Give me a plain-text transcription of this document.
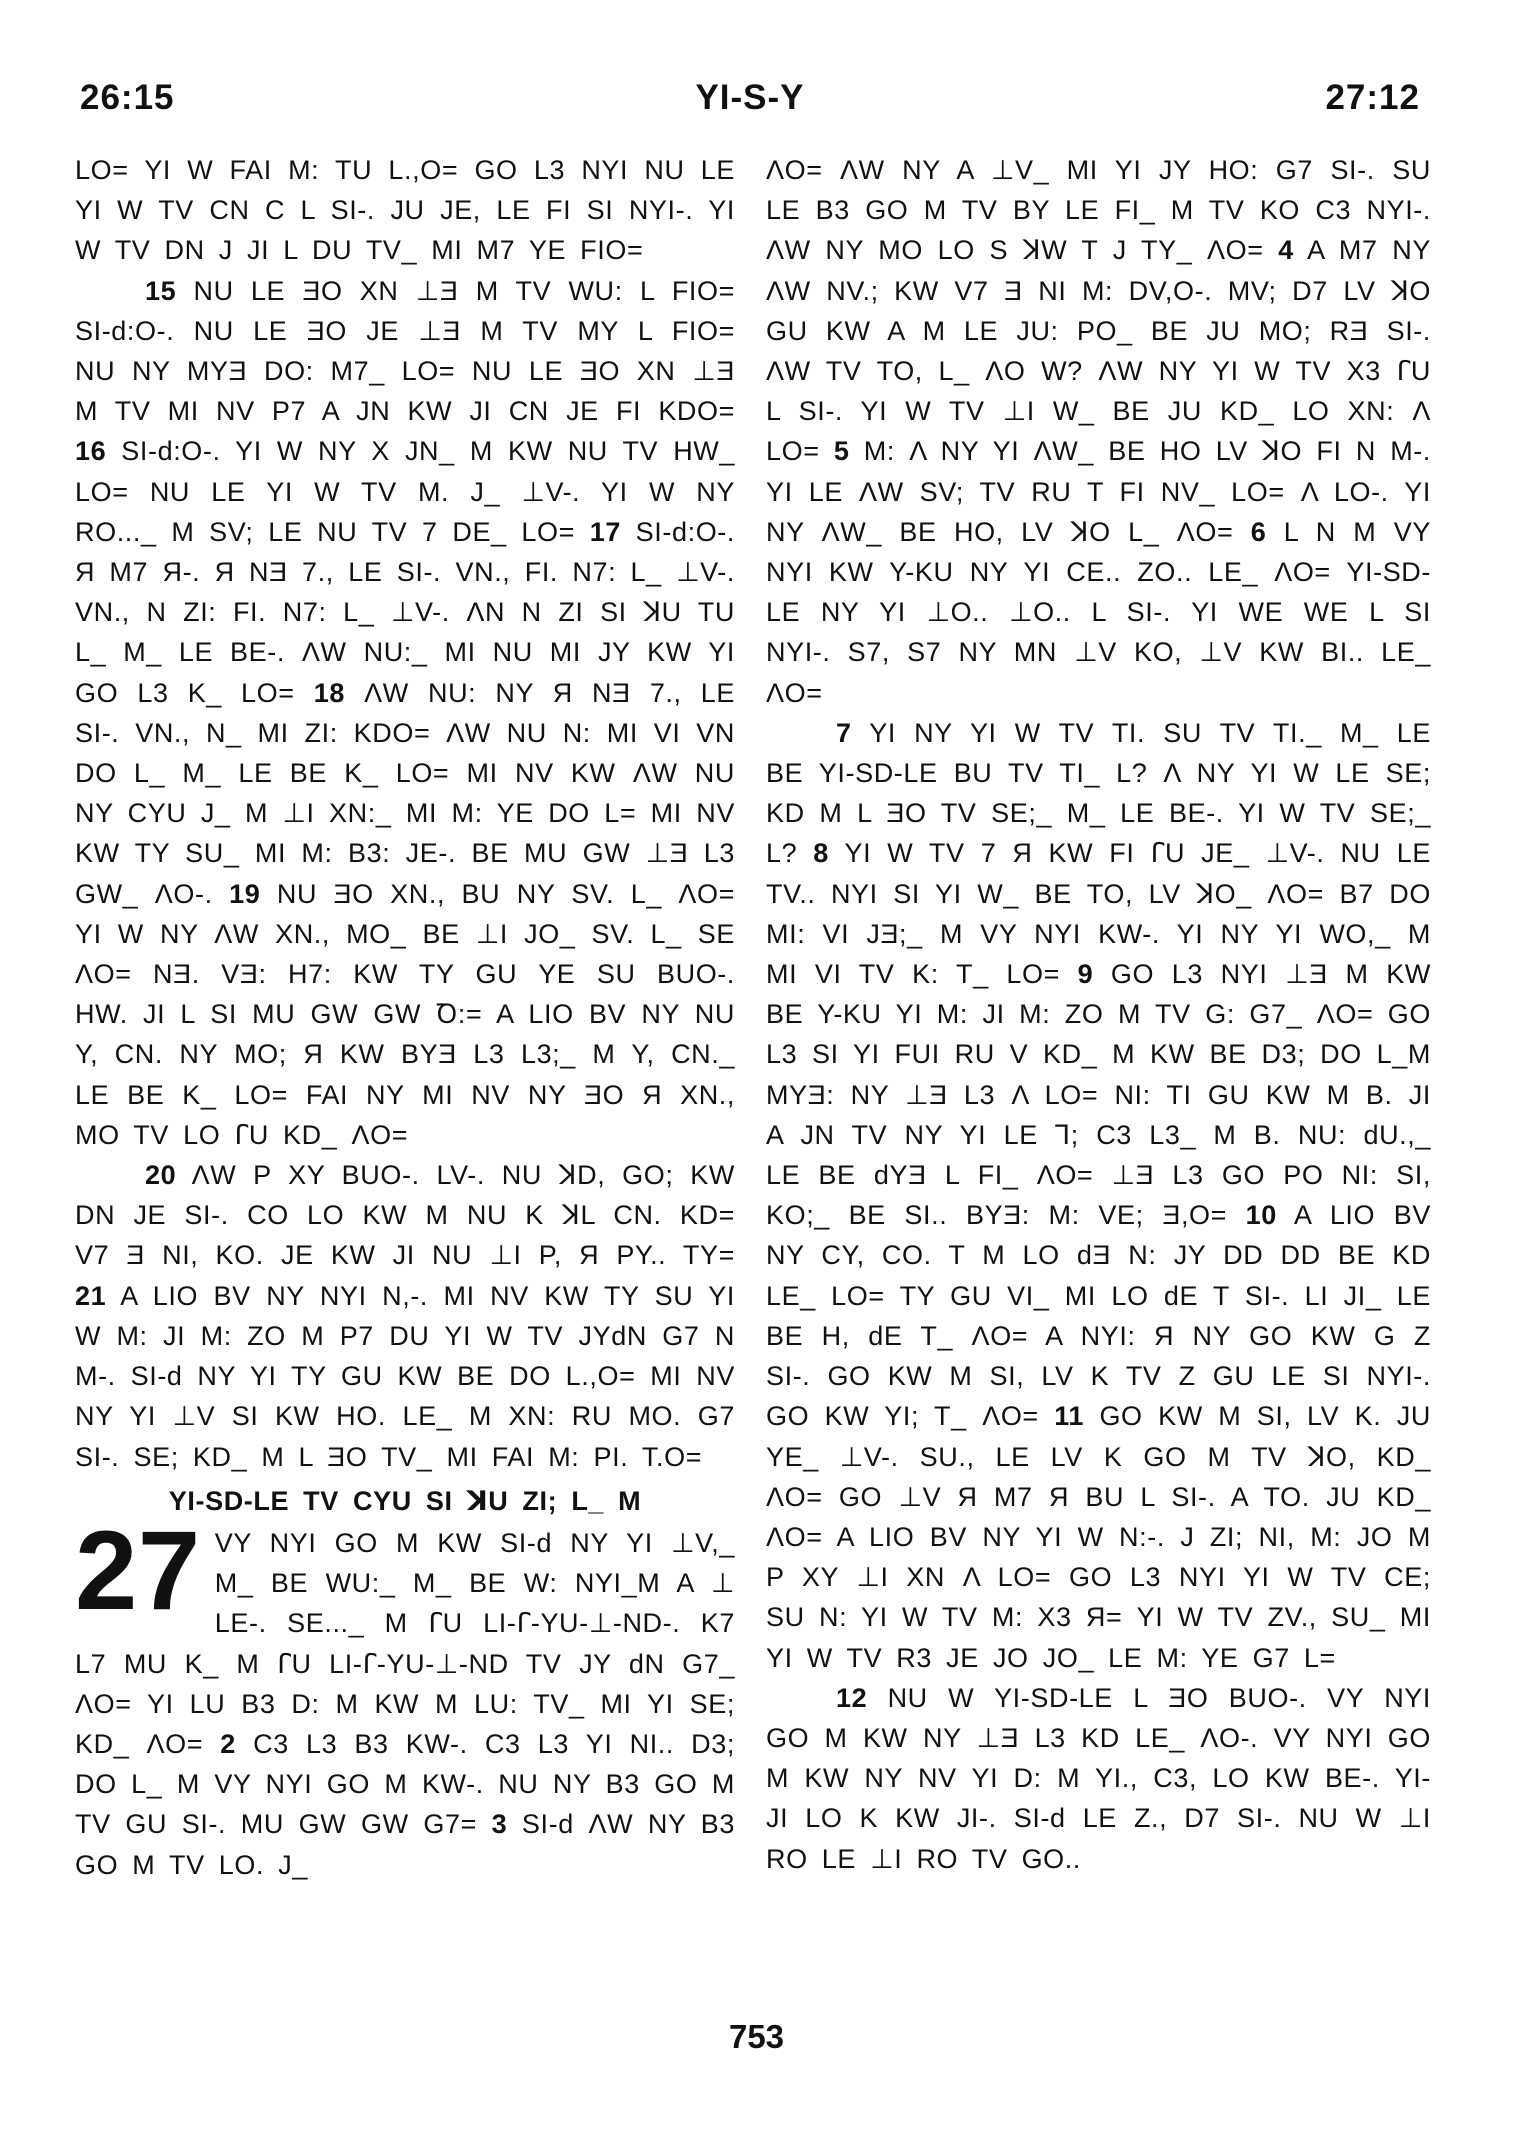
26:15	YI-S-Y	27:12

LO= YI W FAI M: TU L.,O= GO L3 NYI NU LE YI W TV CN C L SI-. JU JE, LE FI SI NYI-. YI W TV DN J JI L DU TV_ MI M7 YE FIO=

15 NU LE ƎO XN ⊥Ǝ M TV WU: L FIO= SI-d:O-. NU LE ƎO JE ⊥Ǝ M TV MY L FIO= NU NY MYƎ DO: M7_ LO= NU LE ƎO XN ⊥Ǝ M TV MI NV P7 A JN KW JI CN JE FI KDO= 16 SI-d:O-. YI W NY X JN_ M KW NU TV HW_ LO= NU LE YI W TV M. J_ ⊥V-. YI W NY RO..._ M SV; LE NU TV 7 DE_ LO= 17 SI-d:O-. Я M7 Я-. Я NƎ 7., LE SI-. VN., FI. N7: L_ ⊥V-. VN., N ZI: FI. N7: L_ ⊥V-. ΛN N ZI SI ꓘU TU L_ M_ LE BE-. ΛW NU:_ MI NU MI JY KW YI GO L3 K_ LO= 18 ΛW NU: NY Я NƎ 7., LE SI-. VN., N_ MI ZI: KDO= ΛW NU N: MI VI VN DO L_ M_ LE BE K_ LO= MI NV KW ΛW NU NY CYU J_ M ⊥I XN:_ MI M: YE DO L= MI NV KW TY SU_ MI M: B3: JE-. BE MU GW ⊥Ǝ L3 GW_ ΛO-. 19 NU ƎO XN., BU NY SV. L_ ΛO= YI W NY ΛW XN., MO_ BE ⊥I JO_ SV. L_ SE ΛO= NƎ. VƎ: H7: KW TY GU YE SU BUO-. HW. JI L SI MU GW GW Ꝺ:= A LIO BV NY NU Y, CN. NY MO; Я KW BYƎ L3 L3;_ M Y, CN._ LE BE K_ LO= FAI NY MI NV NY ƎO Я XN., MO TV LO ꓩU KD_ ΛO=

20 ΛW P XY BUO-. LV-. NU ꓘD, GO; KW DN JE SI-. CO LO KW M NU K ꓘL CN. KD= V7 Ǝ NI, KO. JE KW JI NU ⊥I P, Я PY.. TY= 21 A LIO BV NY NYI N,-. MI NV KW TY SU YI W M: JI M: ZO M P7 DU YI W TV JYdN G7 N M-. SI-d NY YI TY GU KW BE DO L.,O= MI NV NY YI ⊥V SI KW HO. LE_ M XN: RU MO. G7 SI-. SE; KD_ M L ƎO TV_ MI FAI M: PI. T.O=

YI-SD-LE TV CYU SI ꓘU ZI; L_ M

27 VY NYI GO M KW SI-d NY YI ⊥V,_ M_ BE WU:_ M_ BE W: NYI_M A ⊥ LE-. SE..._ M ꓩU LI-ꓩ-YU-⊥-ND-. K7 L7 MU K_ M ꓩU LI-ꓩ-YU-⊥-ND TV JY dN G7_ ΛO= YI LU B3 D: M KW M LU: TV_ MI YI SE; KD_ ΛO= 2 C3 L3 B3 KW-. C3 L3 YI NI.. D3; DO L_ M VY NYI GO M KW-. NU NY B3 GO M TV GU SI-. MU GW GW G7= 3 SI-d ΛW NY B3 GO M TV LO. J_

ΛO= ΛW NY A ⊥V_ MI YI JY HO: G7 SI-. SU LE B3 GO M TV BY LE FI_ M TV KO C3 NYI-. ΛW NY MO LO S ꓘW T J TY_ ΛO= 4 A M7 NY ΛW NV.; KW V7 Ǝ NI M: DV,O-. MV; D7 LV ꓘO GU KW A M LE JU: PO_ BE JU MO; RƎ SI-. ΛW TV TO, L_ ΛO W? ΛW NY YI W TV X3 ꓩU L SI-. YI W TV ⊥I W_ BE JU KD_ LO XN: Λ LO= 5 M: Λ NY YI ΛW_ BE HO LV ꓘO FI N M-. YI LE ΛW SV; TV RU T FI NV_ LO= Λ LO-. YI NY ΛW_ BE HO, LV ꓘO L_ ΛO= 6 L N M VY NYI KW Y-KU NY YI CE.. ZO.. LE_ ΛO= YI-SD-LE NY YI ⊥O.. ⊥O.. L SI-. YI WE WE L SI NYI-. S7, S7 NY MN ⊥V KO, ⊥V KW BI.. LE_ ΛO=

7 YI NY YI W TV TI. SU TV TI._ M_ LE BE YI-SD-LE BU TV TI_ L? Λ NY YI W LE SE; KD M L ƎO TV SE;_ M_ LE BE-. YI W TV SE;_ L? 8 YI W TV 7 Я KW FI ꓩU JE_ ⊥V-. NU LE TV.. NYI SI YI W_ BE TO, LV ꓘO_ ΛO= B7 DO MI: VI JƎ;_ M VY NYI KW-. YI NY YI WO,_ M MI VI TV K: T_ LO= 9 GO L3 NYI ⊥Ǝ M KW BE Y-KU YI M: JI M: ZO M TV G: G7_ ΛO= GO L3 SI YI FUI RU V KD_ M KW BE D3; DO L_M MYƎ: NY ⊥Ǝ L3 Λ LO= NI: TI GU KW M B. JI A JN TV NY YI LE Ꞁ; C3 L3_ M B. NU: dU.,_ LE BE dYƎ L FI_ ΛO= ⊥Ǝ L3 GO PO NI: SI, KO;_ BE SI.. BYƎ: M: VE; Ǝ,O= 10 A LIO BV NY CY, CO. T M LO dƎ N: JY DD DD BE KD LE_ LO= TY GU VI_ MI LO dE T SI-. LI JI_ LE BE H, dE T_ ΛO= A NYI: Я NY GO KW G Z SI-. GO KW M SI, LV K TV Z GU LE SI NYI-. GO KW YI; T_ ΛO= 11 GO KW M SI, LV K. JU YE_ ⊥V-. SU., LE LV K GO M TV ꓘO, KD_ ΛO= GO ⊥V Я M7 Я BU L SI-. A TO. JU KD_ ΛO= A LIO BV NY YI W N:-. J ZI; NI, M: JO M P XY ⊥I XN Λ LO= GO L3 NYI YI W TV CE; SU N: YI W TV M: X3 Я= YI W TV ZV., SU_ MI YI W TV R3 JE JO JO_ LE M: YE G7 L=

12 NU W YI-SD-LE L ƎO BUO-. VY NYI GO M KW NY ⊥Ǝ L3 KD LE_ ΛO-. VY NYI GO M KW NY NV YI D: M YI., C3, LO KW BE-. YI-JI LO K KW JI-. SI-d LE Z., D7 SI-. NU W ⊥I RO LE ⊥I RO TV GO..

753
